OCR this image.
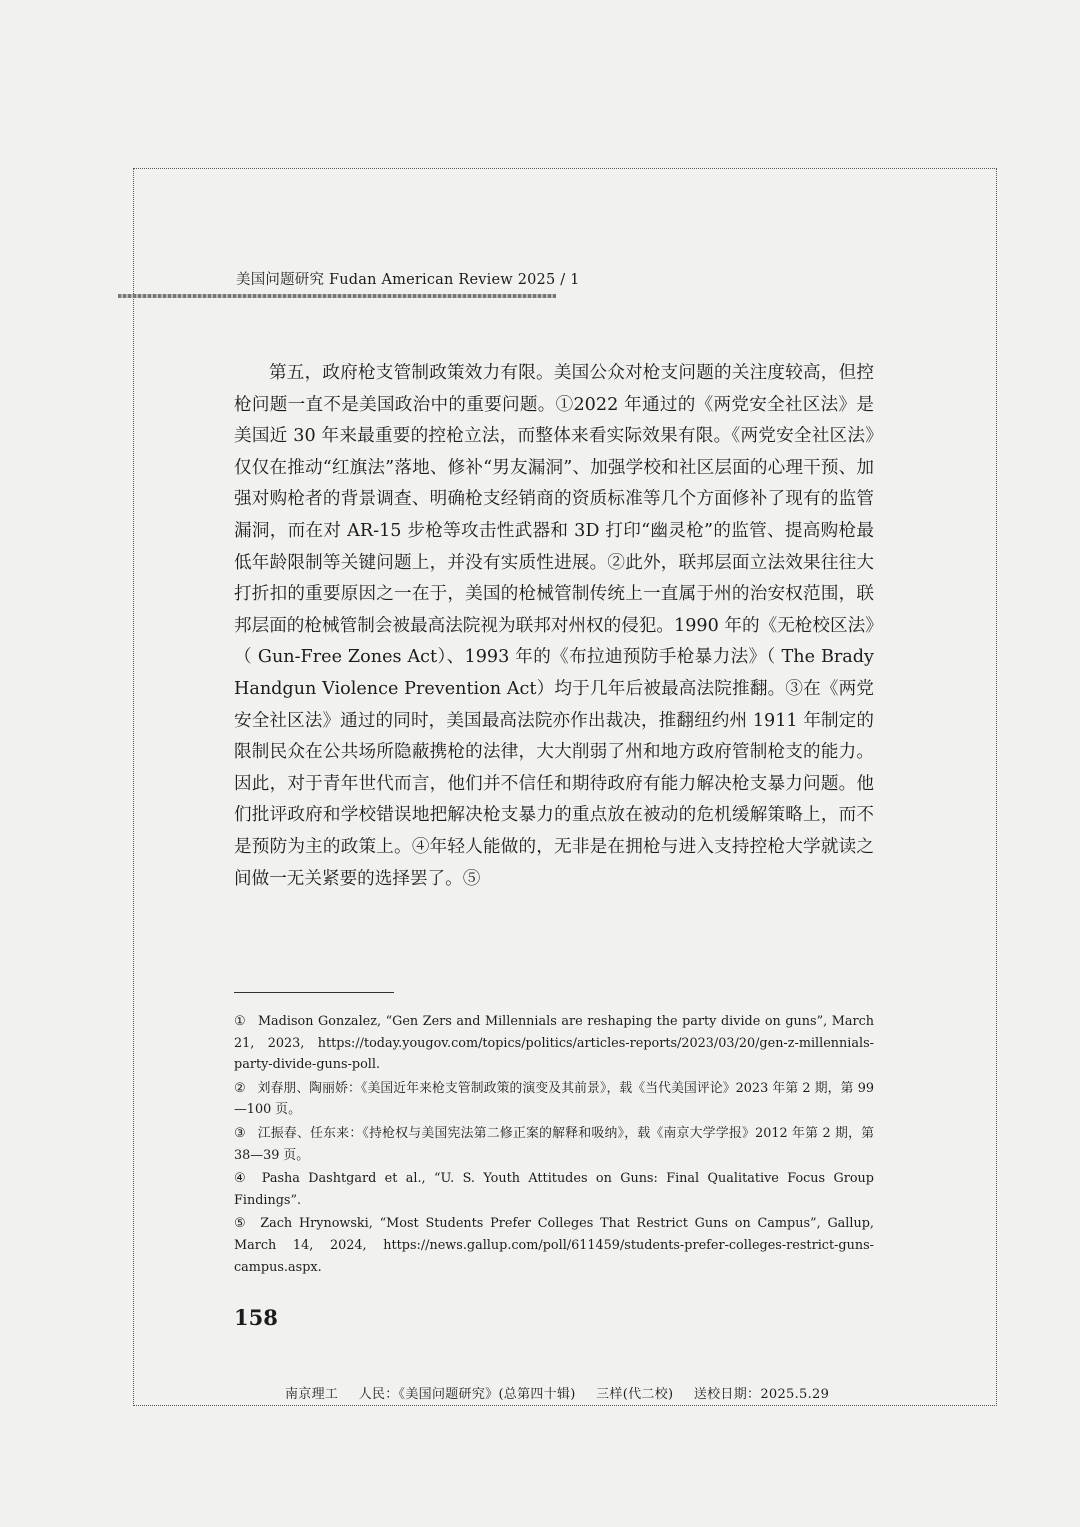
美国问题研究 Fudan American Review 2025 / 1

第五，政府枪支管制政策效力有限。美国公众对枪支问题的关注度较高，但控枪问题一直不是美国政治中的重要问题。①2022 年通过的《两党安全社区法》是美国近 30 年来最重要的控枪立法，而整体来看实际效果有限。《两党安全社区法》仅仅在推动“红旗法”落地、修补“男友漏洞”、加强学校和社区层面的心理干预、加强对购枪者的背景调查、明确枪支经销商的资质标准等几个方面修补了现有的监管漏洞，而在对 AR-15 步枪等攻击性武器和 3D 打印“幽灵枪”的监管、提高购枪最低年龄限制等关键问题上，并没有实质性进展。②此外，联邦层面立法效果往往大打折扣的重要原因之一在于，美国的枪械管制传统上一直属于州的治安权范围，联邦层面的枪械管制会被最高法院视为联邦对州权的侵犯。1990 年的《无枪校区法》（ Gun-Free Zones Act）、1993 年的《布拉迪预防手枪暴力法》（ The Brady Handgun Violence Prevention Act）均于几年后被最高法院推翻。③在《两党安全社区法》通过的同时，美国最高法院亦作出裁决，推翻纽约州 1911 年制定的限制民众在公共场所隐蔽携枪的法律，大大削弱了州和地方政府管制枪支的能力。因此，对于青年世代而言，他们并不信任和期待政府有能力解决枪支暴力问题。他们批评政府和学校错误地把解决枪支暴力的重点放在被动的危机缓解策略上，而不是预防为主的政策上。④年轻人能做的，无非是在拥枪与进入支持控枪大学就读之间做一无关紧要的选择罢了。⑤

① Madison Gonzalez, “Gen Zers and Millennials are reshaping the party divide on guns”, March 21, 2023, https://today.yougov.com/topics/politics/articles-reports/2023/03/20/gen-z-millennials-party-divide-guns-poll.

② 刘春朋、陶丽娇：《美国近年来枪支管制政策的演变及其前景》，载《当代美国评论》2023 年第 2 期，第 99—100 页。

③ 江振春、任东来：《持枪权与美国宪法第二修正案的解释和吸纳》，载《南京大学学报》2012 年第 2 期，第 38—39 页。

④ Pasha Dashtgard et al., “U. S. Youth Attitudes on Guns: Final Qualitative Focus Group Findings”.

⑤ Zach Hrynowski, “Most Students Prefer Colleges That Restrict Guns on Campus”, Gallup, March 14, 2024, https://news.gallup.com/poll/611459/students-prefer-colleges-restrict-guns-campus.aspx.

158
南京理工 人民：《美国问题研究》(总第四十辑) 三样(代二校) 送校日期：2025.5.29
